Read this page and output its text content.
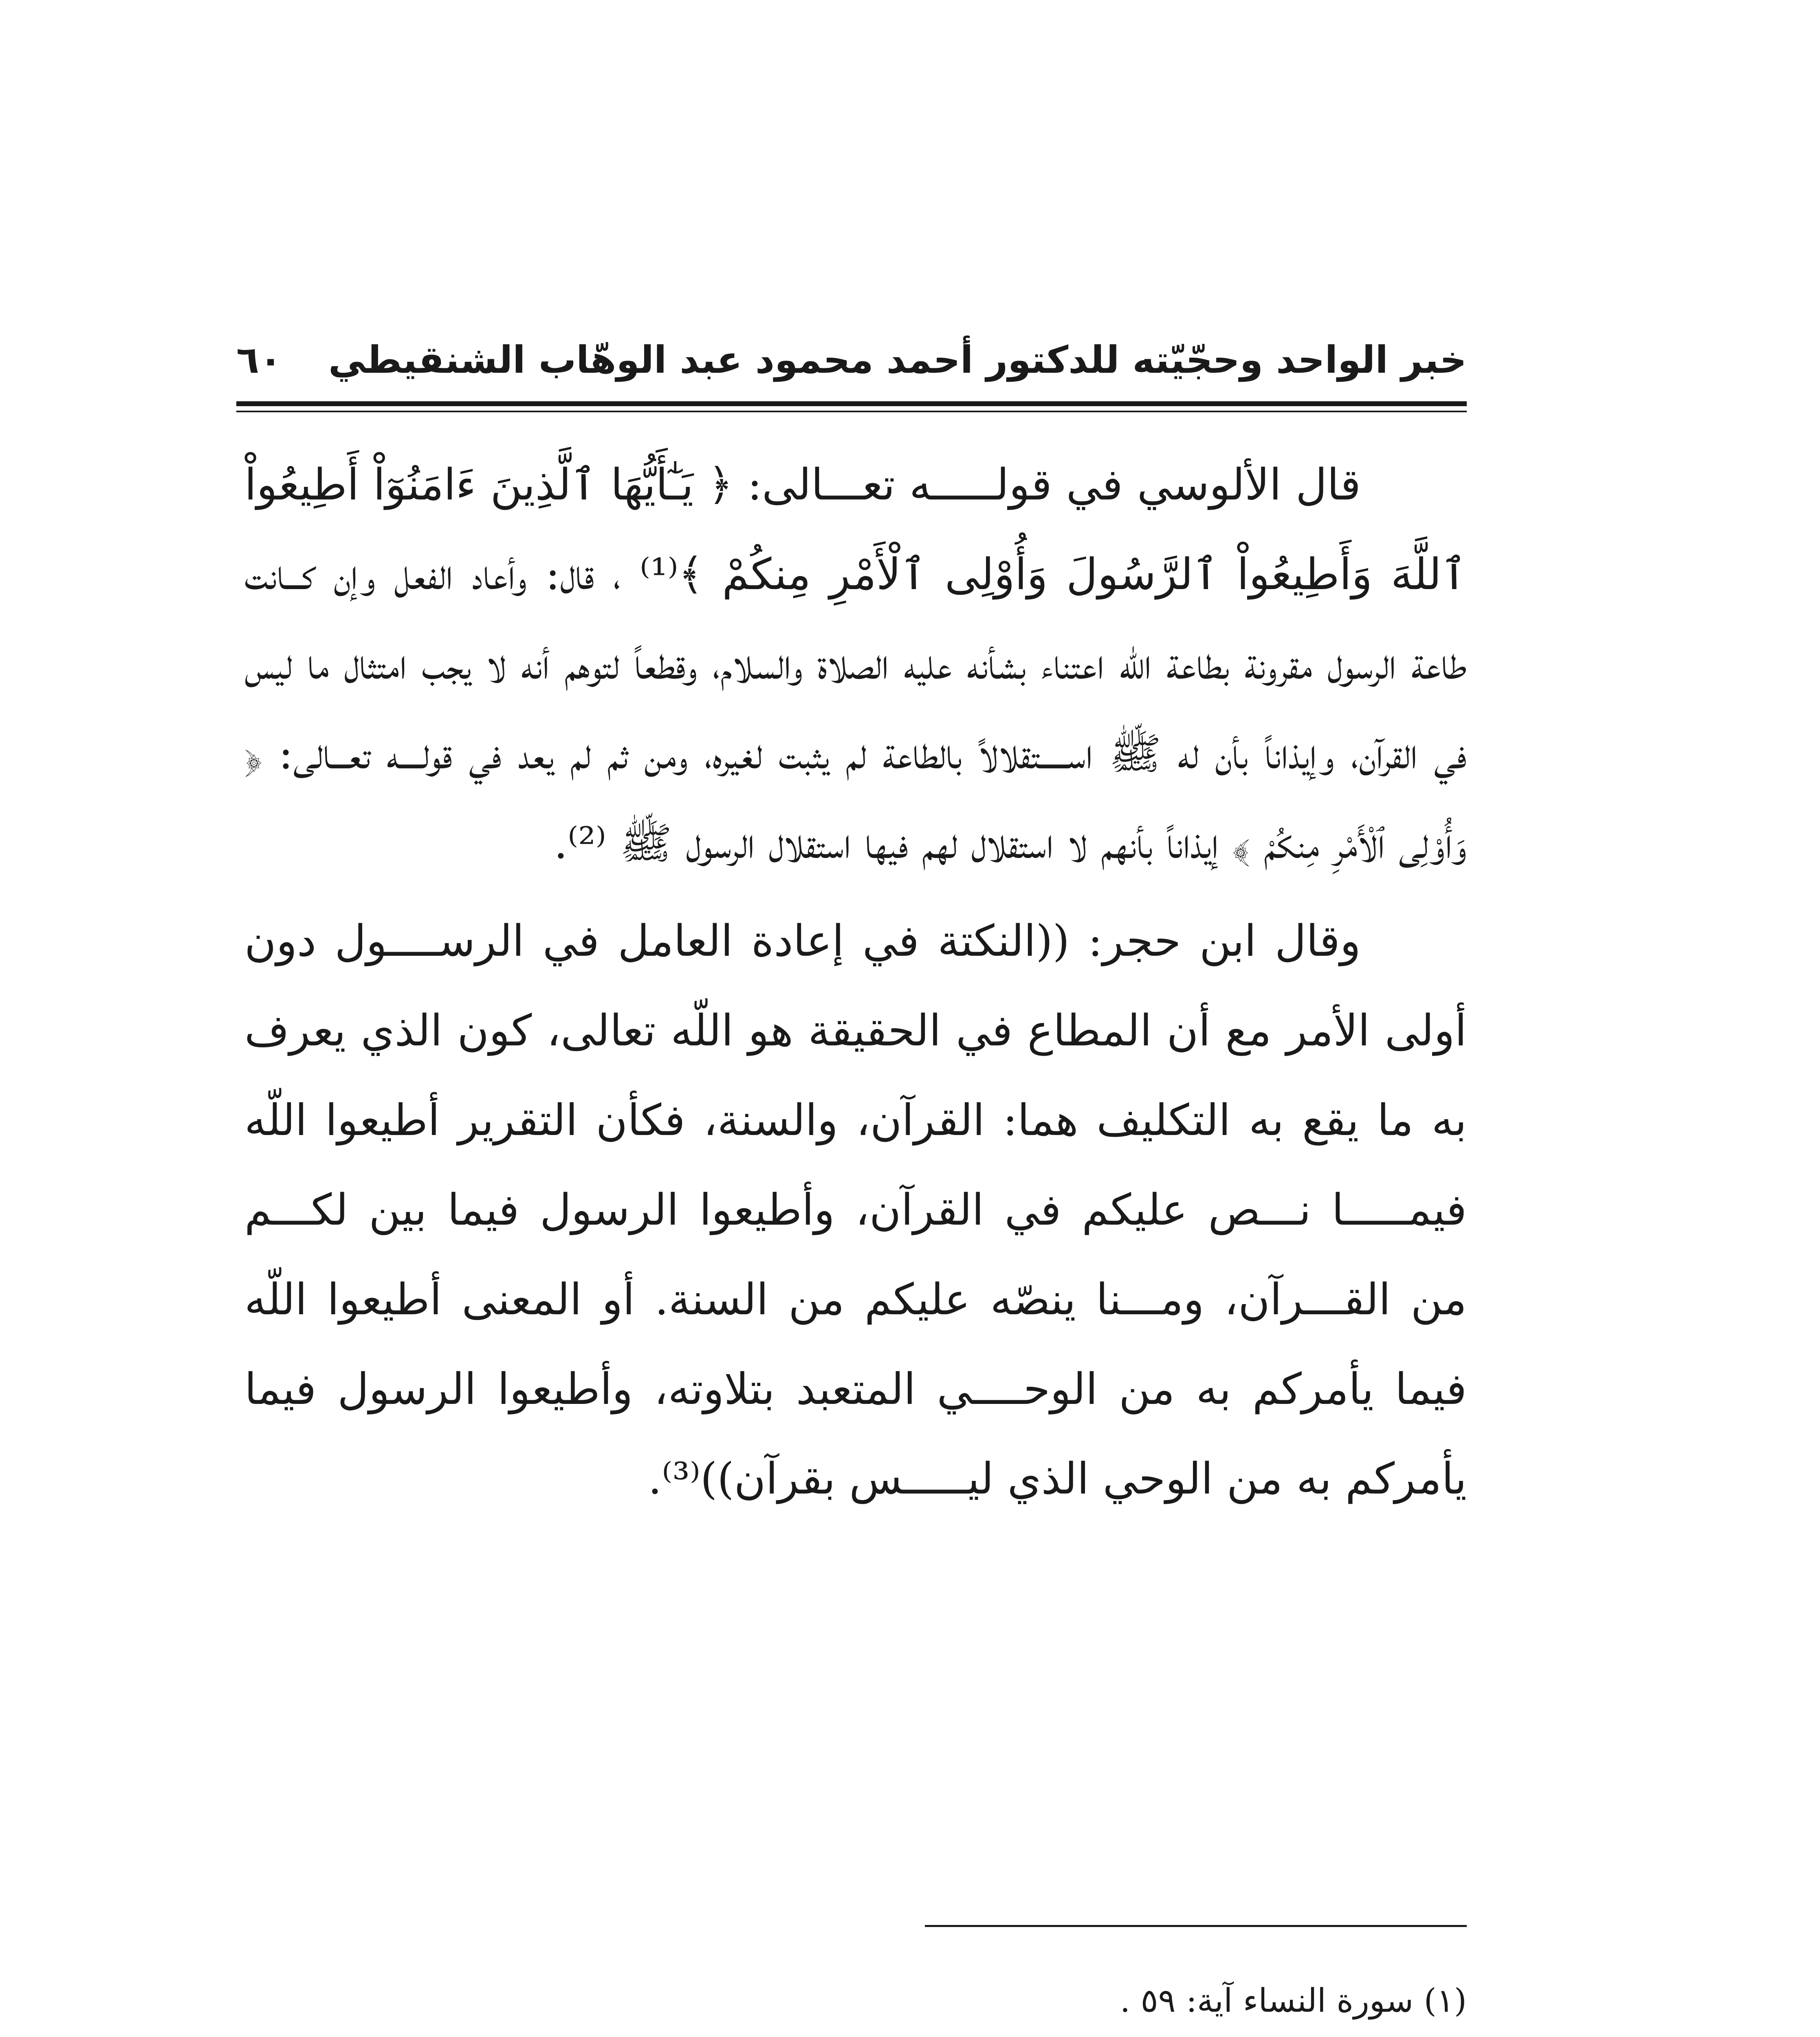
خبر الواحد وحجّيّته للدكتور أحمد محمود عبد الوهّاب الشنقيطي
٦٠

قال الألوسي في قولـــــه تعـــالى: ﴿ يَـٰٓأَيُّهَا ٱلَّذِينَ ءَامَنُوٓاْ أَطِيعُواْ ٱللَّهَ وَأَطِيعُواْ ٱلرَّسُولَ وَأُوْلِى ٱلْأَمْرِ مِنكُمْ ﴾⁽¹⁾ ، قال: وأعاد الفعل وإن كـــانت طاعة الرسول مقرونة بطاعة اللّه اعتناء بشأنه عليه الصلاة والسلام، وقطعاً لتوهم أنه لا يجب امتثال ما ليس في القرآن، وإيذاناً بأن له ﷺ اســـــتقلالاً بالطاعة لم يثبت لغيره، ومن ثم لم يعد في قولــــه تعـــالى: ﴿ وَأُوْلِى ٱلْأَمْرِ مِنكُمْ ﴾ إيذاناً بأنهم لا استقلال لهم فيها استقلال الرسول ﷺ ⁽²⁾.

وقال ابن حجر: ((النكتة في إعادة العامل في الرســــول دون أولى الأمر مع أن المطاع في الحقيقة هو اللّه تعالى، كون الذي يعرف به ما يقع به التكليف هما: القرآن، والسنة، فكأن التقرير أطيعوا اللّه فيمـــــا نـــص عليكم في القرآن، وأطيعوا الرسول فيما بين لكـــم من القـــرآن، ومـــنا ينصّه عليكم من السنة. أو المعنى أطيعوا اللّه فيما يأمركم به من الوحــــي المتعبد بتلاوته، وأطيعوا الرسول فيما يأمركم به من الوحي الذي ليـــــس بقرآن))⁽³⁾.

(١) سورة النساء آية: ٥٩ .
